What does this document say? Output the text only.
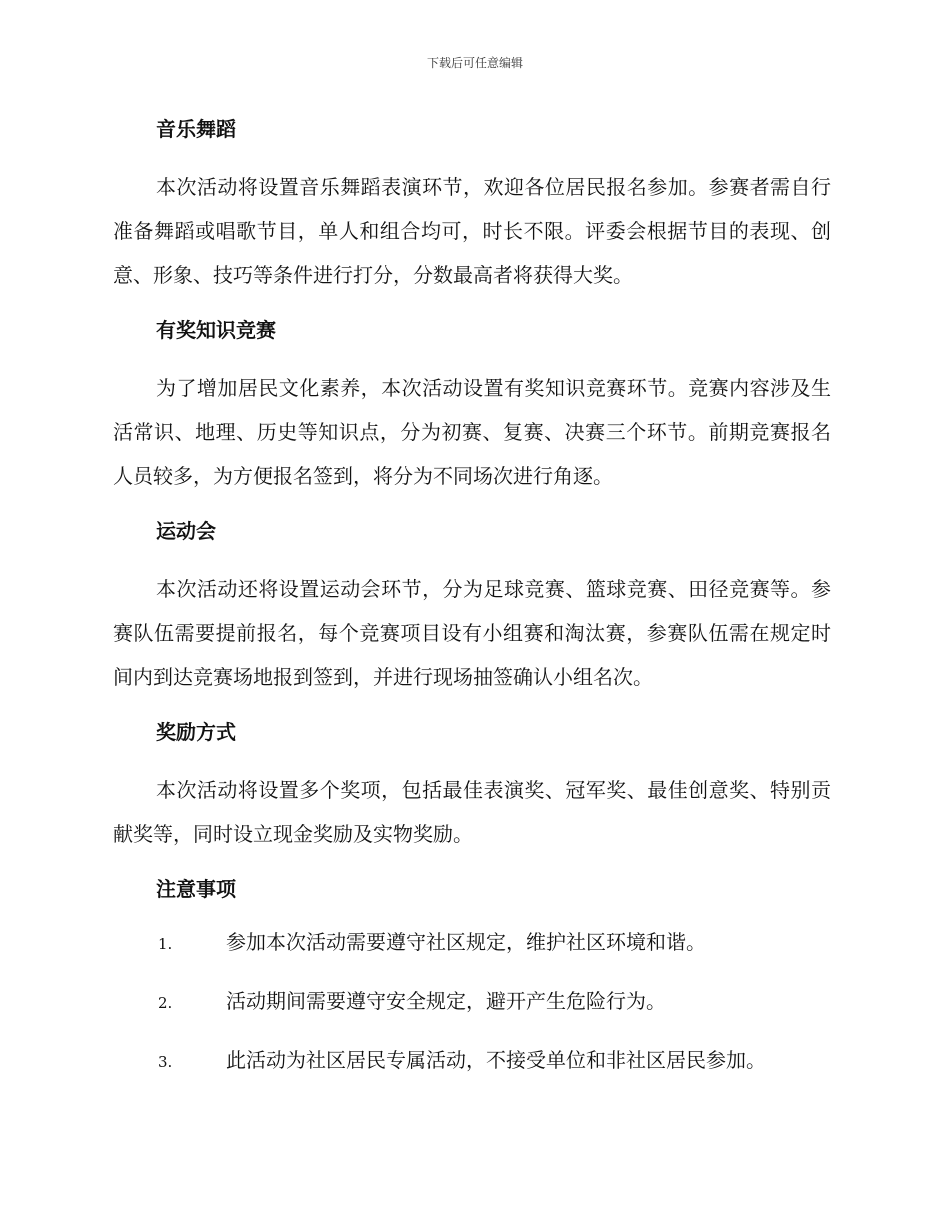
下载后可任意编辑
音乐舞蹈

本次活动将设置音乐舞蹈表演环节，欢迎各位居民报名参加。参赛者需自行准备舞蹈或唱歌节目，单人和组合均可，时长不限。评委会根据节目的表现、创意、形象、技巧等条件进行打分，分数最高者将获得大奖。

有奖知识竞赛

为了增加居民文化素养，本次活动设置有奖知识竞赛环节。竞赛内容涉及生活常识、地理、历史等知识点，分为初赛、复赛、决赛三个环节。前期竞赛报名人员较多，为方便报名签到，将分为不同场次进行角逐。

运动会

本次活动还将设置运动会环节，分为足球竞赛、篮球竞赛、田径竞赛等。参赛队伍需要提前报名，每个竞赛项目设有小组赛和淘汰赛，参赛队伍需在规定时间内到达竞赛场地报到签到，并进行现场抽签确认小组名次。

奖励方式

本次活动将设置多个奖项，包括最佳表演奖、冠军奖、最佳创意奖、特别贡献奖等，同时设立现金奖励及实物奖励。

注意事项
1.	参加本次活动需要遵守社区规定，维护社区环境和谐。
2.	活动期间需要遵守安全规定，避开产生危险行为。
3.	此活动为社区居民专属活动，不接受单位和非社区居民参加。
